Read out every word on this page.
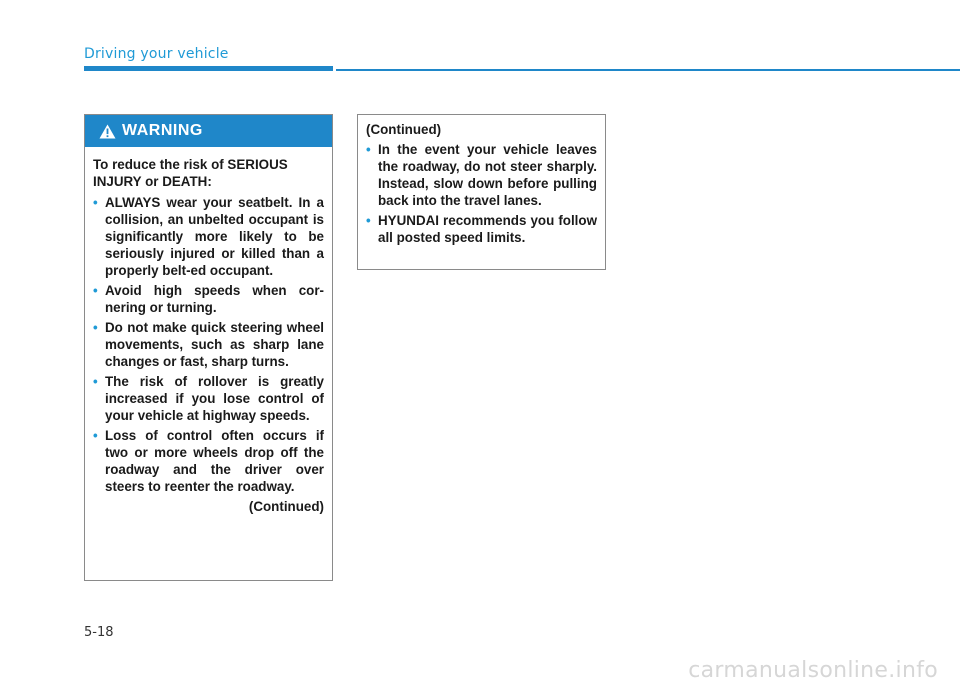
Driving your vehicle
WARNING

To reduce the risk of SERIOUS INJURY or DEATH:

• ALWAYS wear your seatbelt. In a collision, an unbelted occupant is significantly more likely to be seriously injured or killed than a properly belt-ed occupant.
• Avoid high speeds when cor-nering or turning.
• Do not make quick steering wheel movements, such as sharp lane changes or fast, sharp turns.
• The risk of rollover is greatly increased if you lose control of your vehicle at highway speeds.
• Loss of control often occurs if two or more wheels drop off the roadway and the driver over steers to reenter the roadway.
(Continued)
(Continued)
• In the event your vehicle leaves the roadway, do not steer sharply. Instead, slow down before pulling back into the travel lanes.
• HYUNDAI recommends you follow all posted speed limits.
5-18
carmanualsonline.info
